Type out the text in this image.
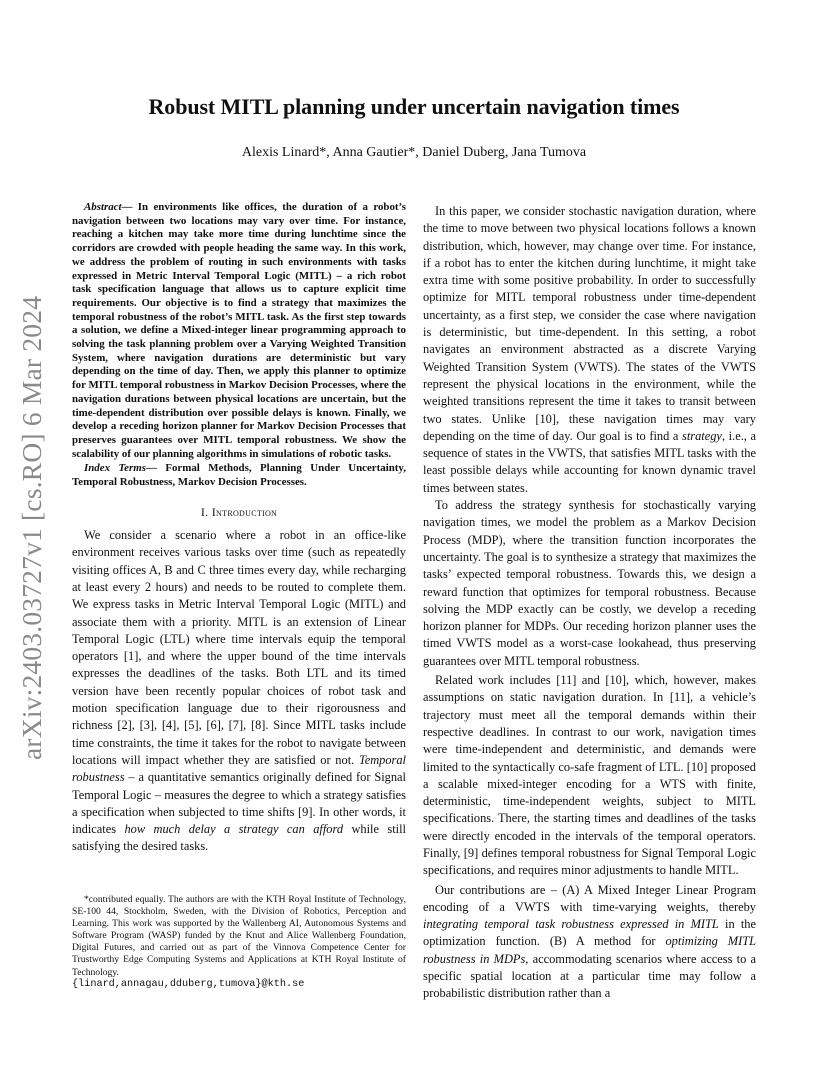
arXiv:2403.03727v1 [cs.RO] 6 Mar 2024
Robust MITL planning under uncertain navigation times
Alexis Linard*, Anna Gautier*, Daniel Duberg, Jana Tumova

Abstract— In environments like offices, the duration of a robot’s navigation between two locations may vary over time. For instance, reaching a kitchen may take more time during lunchtime since the corridors are crowded with people heading the same way. In this work, we address the problem of routing in such environments with tasks expressed in Metric Interval Temporal Logic (MITL) – a rich robot task specification language that allows us to capture explicit time requirements. Our objective is to find a strategy that maximizes the temporal robustness of the robot’s MITL task. As the first step towards a solution, we define a Mixed-integer linear programming approach to solving the task planning problem over a Varying Weighted Transition System, where navigation durations are deterministic but vary depending on the time of day. Then, we apply this planner to optimize for MITL temporal robustness in Markov Decision Processes, where the navigation durations between physical locations are uncertain, but the time-dependent distribution over possible delays is known. Finally, we develop a receding horizon planner for Markov Decision Processes that preserves guarantees over MITL temporal robustness. We show the scalability of our planning algorithms in simulations of robotic tasks.

Index Terms— Formal Methods, Planning Under Uncertainty, Temporal Robustness, Markov Decision Processes.

I. Introduction

We consider a scenario where a robot in an office-like environment receives various tasks over time (such as repeatedly visiting offices A, B and C three times every day, while recharging at least every 2 hours) and needs to be routed to complete them. We express tasks in Metric Interval Temporal Logic (MITL) and associate them with a priority. MITL is an extension of Linear Temporal Logic (LTL) where time intervals equip the temporal operators [1], and where the upper bound of the time intervals expresses the deadlines of the tasks. Both LTL and its timed version have been recently popular choices of robot task and motion specification language due to their rigorousness and richness [2], [3], [4], [5], [6], [7], [8]. Since MITL tasks include time constraints, the time it takes for the robot to navigate between locations will impact whether they are satisfied or not. Temporal robustness – a quantitative semantics originally defined for Signal Temporal Logic – measures the degree to which a strategy satisfies a specification when subjected to time shifts [9]. In other words, it indicates how much delay a strategy can afford while still satisfying the desired tasks.

*contributed equally. The authors are with the KTH Royal Institute of Technology, SE-100 44, Stockholm, Sweden, with the Division of Robotics, Perception and Learning. This work was supported by the Wallenberg AI, Autonomous Systems and Software Program (WASP) funded by the Knut and Alice Wallenberg Foundation, Digital Futures, and carried out as part of the Vinnova Competence Center for Trustworthy Edge Computing Systems and Applications at KTH Royal Institute of Technology.
{linard,annagau,dduberg,tumova}@kth.se

In this paper, we consider stochastic navigation duration, where the time to move between two physical locations follows a known distribution, which, however, may change over time. For instance, if a robot has to enter the kitchen during lunchtime, it might take extra time with some positive probability. In order to successfully optimize for MITL temporal robustness under time-dependent uncertainty, as a first step, we consider the case where navigation is deterministic, but time-dependent. In this setting, a robot navigates an environment abstracted as a discrete Varying Weighted Transition System (VWTS). The states of the VWTS represent the physical locations in the environment, while the weighted transitions represent the time it takes to transit between two states. Unlike [10], these navigation times may vary depending on the time of day. Our goal is to find a strategy, i.e., a sequence of states in the VWTS, that satisfies MITL tasks with the least possible delays while accounting for known dynamic travel times between states.

To address the strategy synthesis for stochastically varying navigation times, we model the problem as a Markov Decision Process (MDP), where the transition function incorporates the uncertainty. The goal is to synthesize a strategy that maximizes the tasks’ expected temporal robustness. Towards this, we design a reward function that optimizes for temporal robustness. Because solving the MDP exactly can be costly, we develop a receding horizon planner for MDPs. Our receding horizon planner uses the timed VWTS model as a worst-case lookahead, thus preserving guarantees over MITL temporal robustness.

Related work includes [11] and [10], which, however, makes assumptions on static navigation duration. In [11], a vehicle’s trajectory must meet all the temporal demands within their respective deadlines. In contrast to our work, navigation times were time-independent and deterministic, and demands were limited to the syntactically co-safe fragment of LTL. [10] proposed a scalable mixed-integer encoding for a WTS with finite, deterministic, time-independent weights, subject to MITL specifications. There, the starting times and deadlines of the tasks were directly encoded in the intervals of the temporal operators. Finally, [9] defines temporal robustness for Signal Temporal Logic specifications, and requires minor adjustments to handle MITL.

Our contributions are – (A) A Mixed Integer Linear Program encoding of a VWTS with time-varying weights, thereby integrating temporal task robustness expressed in MITL in the optimization function. (B) A method for optimizing MITL robustness in MDPs, accommodating scenarios where access to a specific spatial location at a particular time may follow a probabilistic distribution rather than a
